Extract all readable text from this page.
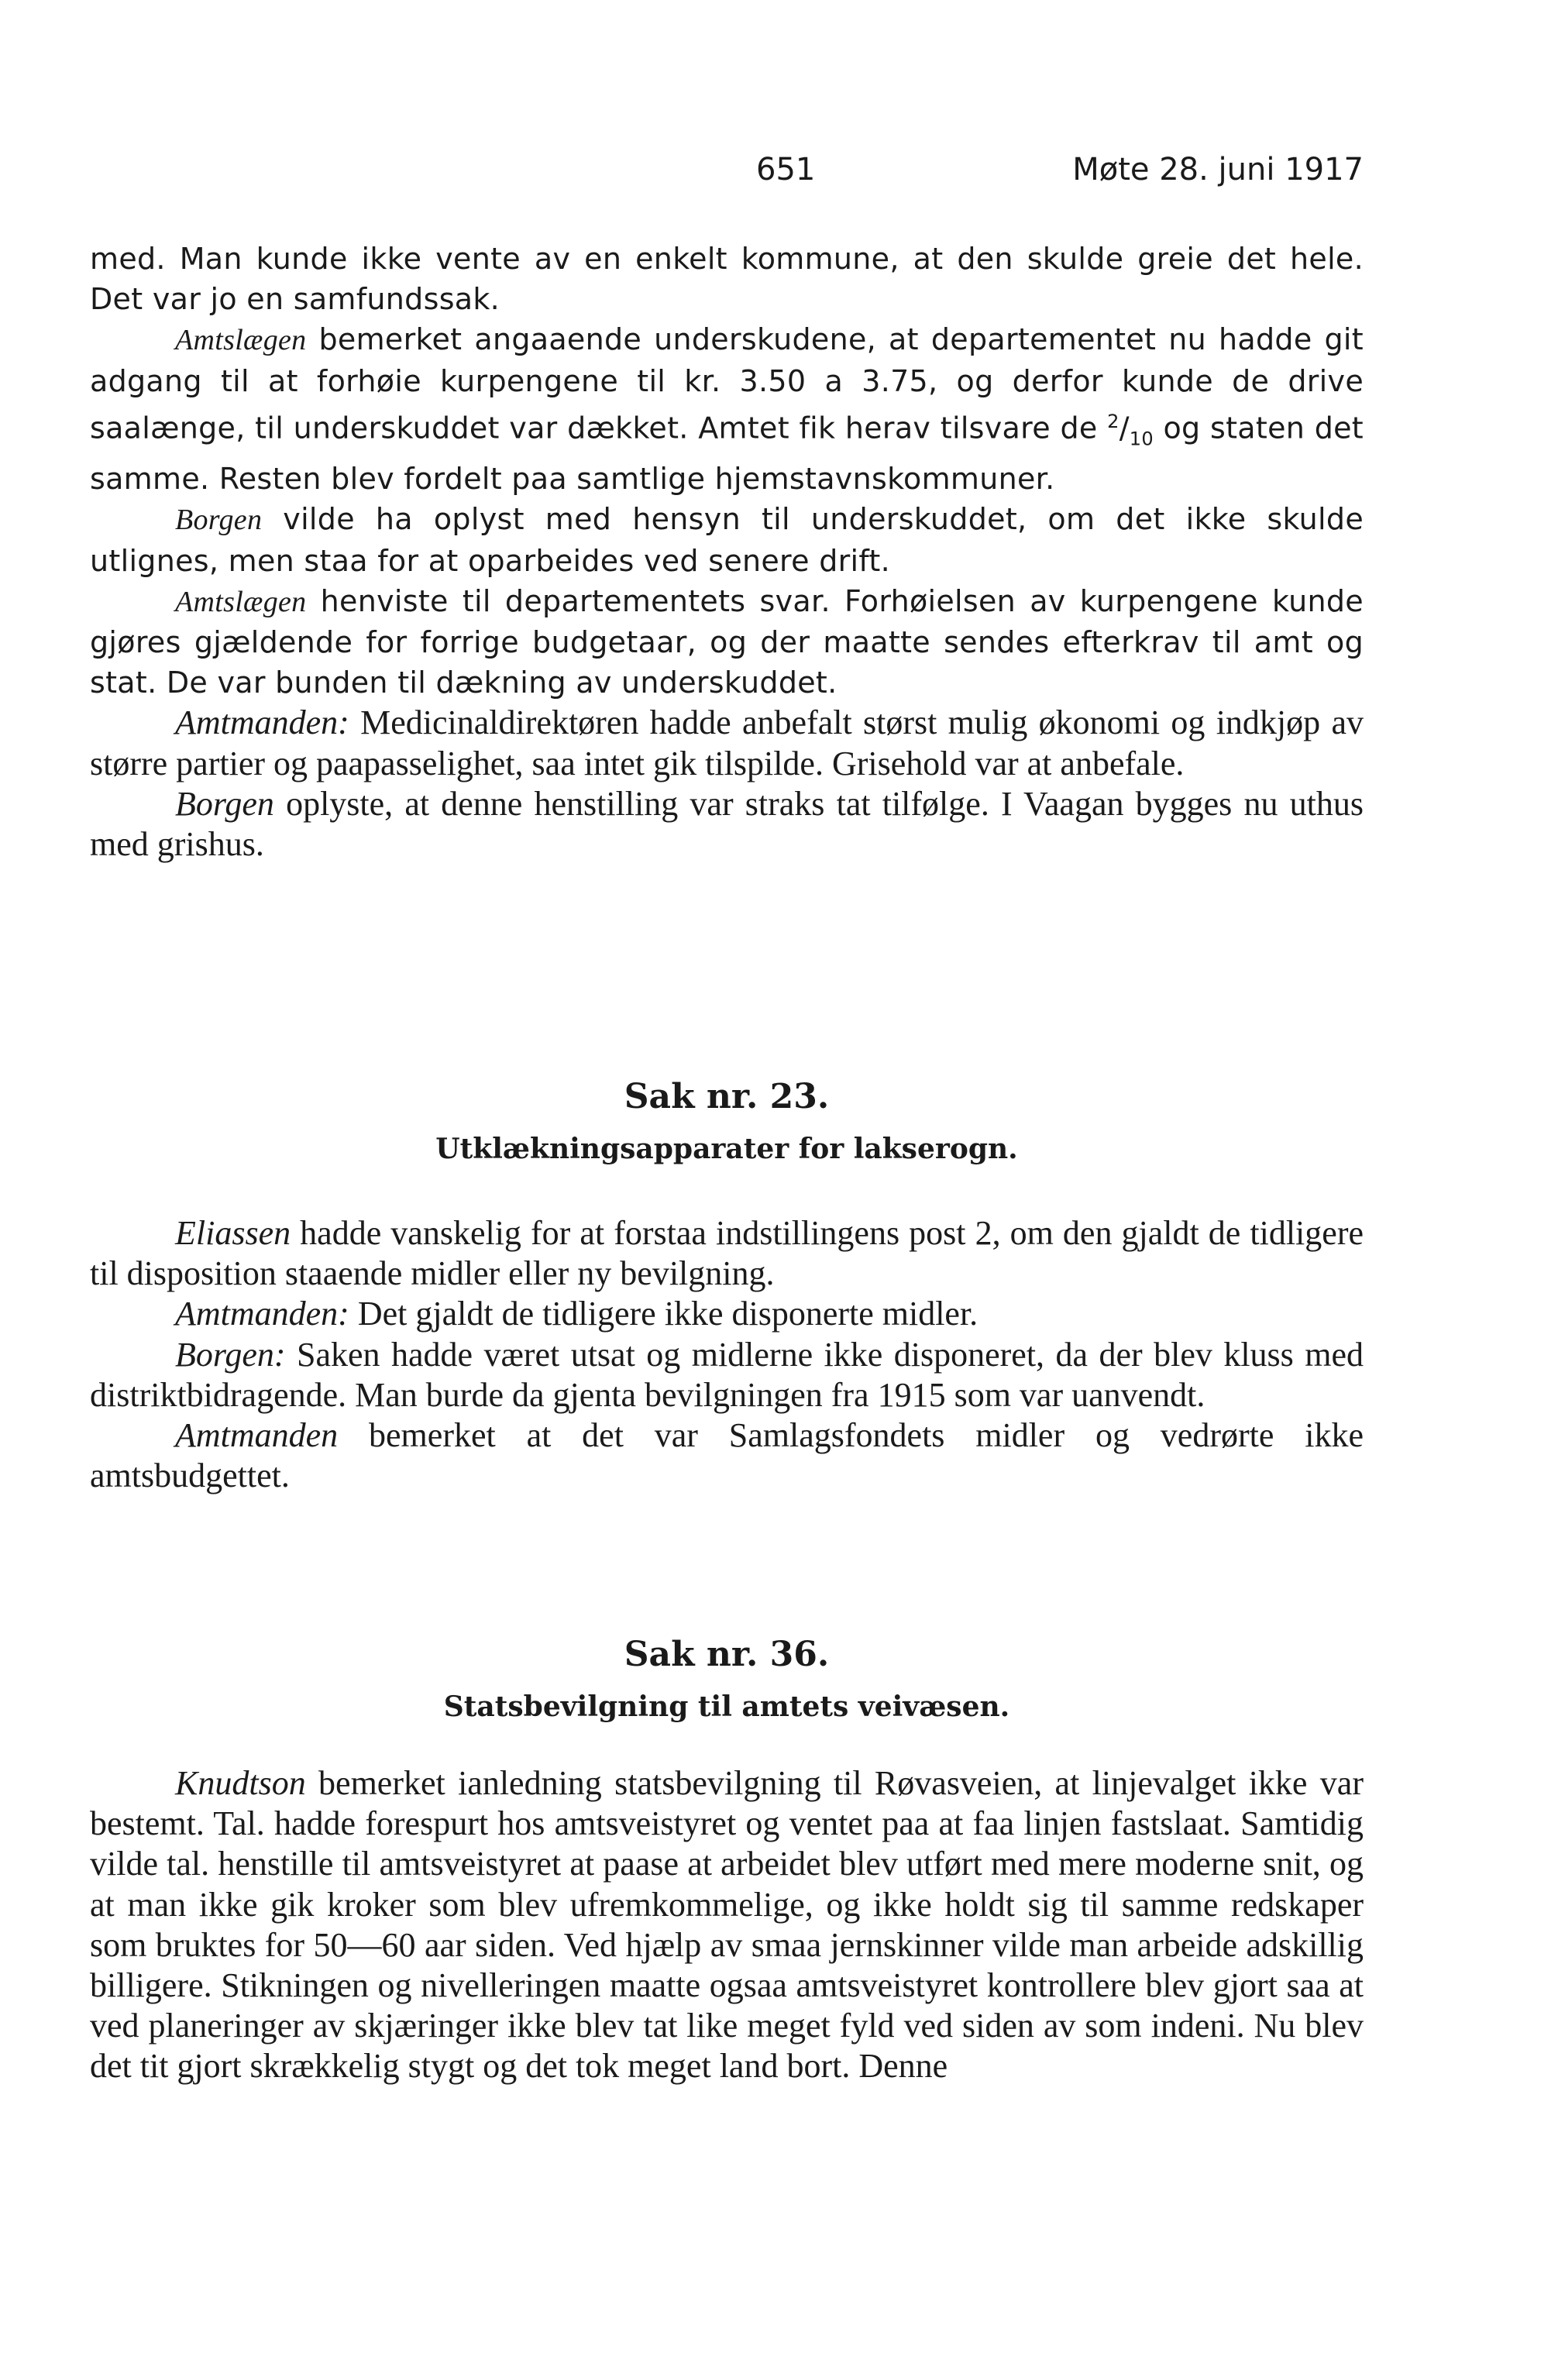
651	Møte 28. juni 1917

med. Man kunde ikke vente av en enkelt kommune, at den skulde greie det hele. Det var jo en samfundssak.

Amtslægen bemerket angaaende underskudene, at departementet nu hadde git adgang til at forhøie kurpengene til kr. 3.50 a 3.75, og derfor kunde de drive saalænge, til underskuddet var dækket. Amtet fik herav tilsvare de $^2/_{10}$ og staten det samme. Resten blev fordelt paa samtlige hjemstavnskommuner.

Borgen vilde ha oplyst med hensyn til underskuddet, om det ikke skulde utlignes, men staa for at oparbeides ved senere drift.

Amtslægen henviste til departementets svar. Forhøielsen av kurpengene kunde gjøres gjældende for forrige budgetaar, og der maatte sendes efterkrav til amt og stat. De var bunden til dækning av underskuddet.

Amtmanden: Medicinaldirektøren hadde anbefalt størst mulig økonomi og indkjøp av større partier og paapasselighet, saa intet gik tilspilde. Grisehold var at anbefale.

Borgen oplyste, at denne henstilling var straks tat tilfølge. I Vaagan bygges nu uthus med grishus.

Sak nr. 23.
Utklækningsapparater for lakserogn.

Eliassen hadde vanskelig for at forstaa indstillingens post 2, om den gjaldt de tidligere til disposition staaende midler eller ny bevilgning.

Amtmanden: Det gjaldt de tidligere ikke disponerte midler.

Borgen: Saken hadde været utsat og midlerne ikke disponeret, da der blev kluss med distriktbidragende. Man burde da gjenta bevilgningen fra 1915 som var uanvendt.

Amtmanden bemerket at det var Samlagsfondets midler og vedrørte ikke amtsbudgettet.

Sak nr. 36.
Statsbevilgning til amtets veivæsen.

Knudtson bemerket ianledning statsbevilgning til Røvasveien, at linjevalget ikke var bestemt. Tal. hadde forespurt hos amtsveistyret og ventet paa at faa linjen fastslaat. Samtidig vilde tal. henstille til amtsveistyret at paase at arbeidet blev utført med mere moderne snit, og at man ikke gik kroker som blev ufremkommelige, og ikke holdt sig til samme redskaper som bruktes for 50—60 aar siden. Ved hjælp av smaa jernskinner vilde man arbeide adskillig billigere. Stikningen og nivelleringen maatte ogsaa amtsveistyret kontrollere blev gjort saa at ved planeringer av skjæringer ikke blev tat like meget fyld ved siden av som indeni. Nu blev det tit gjort skrækkelig stygt og det tok meget land bort. Denne
